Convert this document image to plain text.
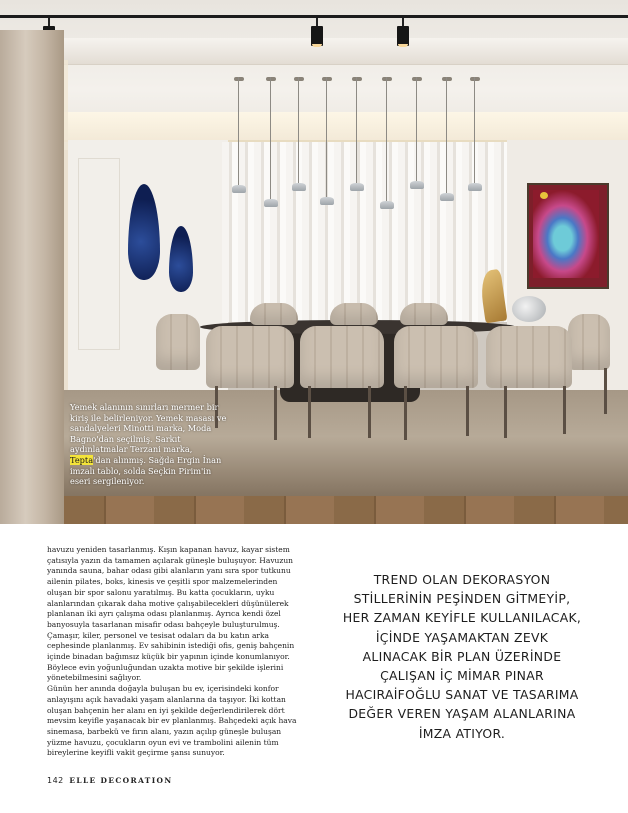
Yemek alanının sınırları mermer bir kiriş ile belirleniyor. Yemek masası ve sandalyeleri Minotti marka, Moda Bagno'dan seçilmiş. Sarkıt aydınlatmalar Terzani marka, Tepta'dan alınmış. Sağda Ergin İnan imzalı tablo, solda Seçkin Pirim'in eseri sergileniyor.

havuzu yeniden tasarlanmış. Kışın kapanan havuz, kayar sistem çatısıyla yazın da tamamen açılarak güneşle buluşuyor. Havuzun yanında sauna, bahar odası gibi alanların yanı sıra spor tutkunu ailenin pilates, boks, kinesis ve çeşitli spor malzemelerinden oluşan bir spor salonu yaratılmış. Bu katta çocukların, uyku alanlarından çıkarak daha motive çalışabilecekleri düşünülerek planlanan iki ayrı çalışma odası planlanmış. Ayrıca kendi özel banyosuyla tasarlanan misafir odası bahçeyle buluşturulmuş. Çamaşır, kiler, personel ve tesisat odaları da bu katın arka cephesinde planlanmış. Ev sahibinin istediği ofis, geniş bahçenin içinde binadan bağımsız küçük bir yapının içinde konumlanıyor. Böylece evin yoğunluğundan uzakta motive bir şekilde işlerini yönetebilmesini sağlıyor.

Günün her anında doğayla buluşan bu ev, içerisindeki konfor anlayışını açık havadaki yaşam alanlarına da taşıyor. İki kottan oluşan bahçenin her alanı en iyi şekilde değerlendirilerek dört mevsim keyifle yaşanacak bir ev planlanmış. Bahçedeki açık hava sinemasa, barbekü ve fırın alanı, yazın açılıp güneşle buluşan yüzme havuzu, çocukların oyun evi ve trambolini ailenin tüm bireylerine keyifli vakit geçirme şansı sunuyor.

TREND OLAN DEKORASYON
STİLLERİNİN PEŞİNDEN GİTMEYİP,
HER ZAMAN KEYİFLE KULLANILACAK,
İÇİNDE YAŞAMAKTAN ZEVK
ALINACAK BİR PLAN ÜZERİNDE
ÇALIŞAN İÇ MİMAR PINAR
HACIRAİFOĞLU SANAT VE TASARIMA
DEĞER VEREN YAŞAM ALANLARINA
İMZA ATIYOR.
142 ELLE DECORATION
